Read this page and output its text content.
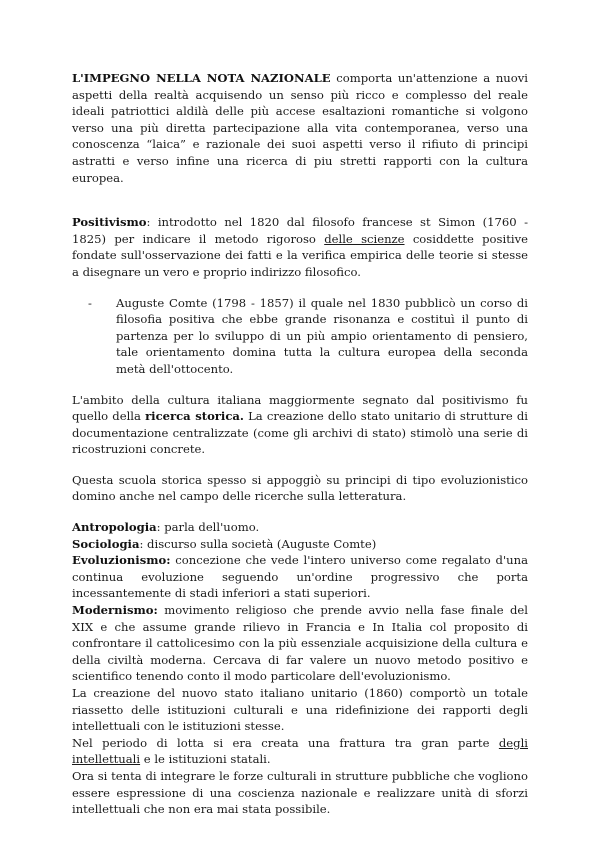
L'IMPEGNO NELLA NOTA NAZIONALE comporta un'attenzione a nuovi aspetti della realtà acquisendo un senso più ricco e complesso del reale ideali patriottici aldilà delle più accese esaltazioni romantiche si volgono verso una più diretta partecipazione alla vita contemporanea, verso una conoscenza “laica” e razionale dei suoi aspetti verso il rifiuto di principi astratti e verso infine una ricerca di piu stretti rapporti con la cultura europea.

Positivismo: introdotto nel 1820 dal filosofo francese st Simon (1760 - 1825) per indicare il metodo rigoroso delle scienze cosiddette positive fondate sull'osservazione dei fatti e la verifica empirica delle teorie si stesse a disegnare un vero e proprio indirizzo filosofico.

- Auguste Comte (1798 - 1857) il quale nel 1830 pubblicò un corso di filosofia positiva che ebbe grande risonanza e costituì il punto di partenza per lo sviluppo di un più ampio orientamento di pensiero, tale orientamento domina tutta la cultura europea della seconda metà dell'ottocento.

L'ambito della cultura italiana maggiormente segnato dal positivismo fu quello della ricerca storica. La creazione dello stato unitario di strutture di documentazione centralizzate (come gli archivi di stato) stimolò una serie di ricostruzioni concrete.

Questa scuola storica spesso si appoggiò su principi di tipo evoluzionistico domino anche nel campo delle ricerche sulla letteratura.

Antropologia: parla dell'uomo.

Sociologia: discurso sulla società (Auguste Comte)

Evoluzionismo: concezione che vede l'intero universo come regalato d'una continua evoluzione seguendo un'ordine progressivo che porta incessantemente di stadi inferiori a stati superiori.

Modernismo: movimento religioso che prende avvio nella fase finale del XIX e che assume grande rilievo in Francia e In Italia col proposito di confrontare il cattolicesimo con la più essenziale acquisizione della cultura e della civiltà moderna. Cercava di far valere un nuovo metodo positivo e scientifico tenendo conto il modo particolare dell'evoluzionismo.

La creazione del nuovo stato italiano unitario (1860) comportò un totale riassetto delle istituzioni culturali e una ridefinizione dei rapporti degli intellettuali con le istituzioni stesse.

Nel periodo di lotta si era creata una frattura tra gran parte degli intellettuali e le istituzioni statali.

Ora si tenta di integrare le forze culturali in strutture pubbliche che vogliono essere espressione di una coscienza nazionale e realizzare unità di sforzi intellettuali che non era mai stata possibile.
